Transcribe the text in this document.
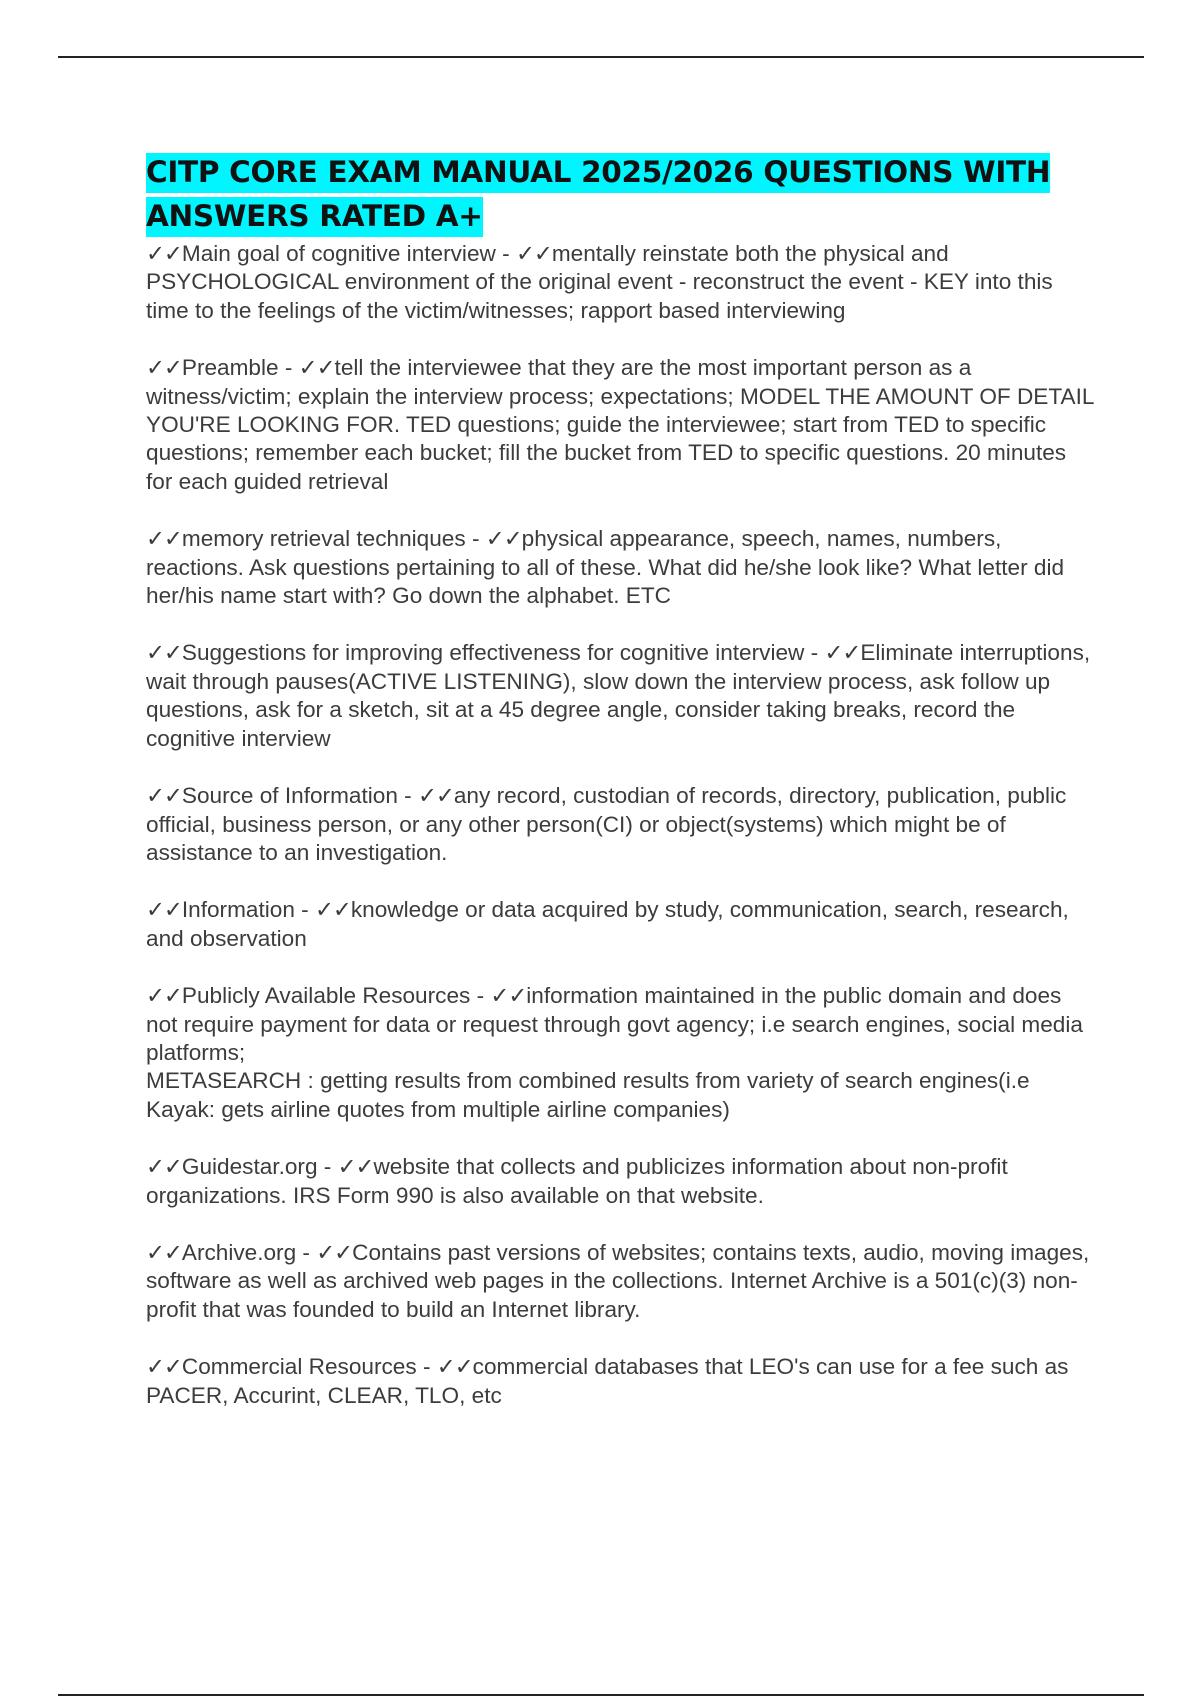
CITP CORE EXAM MANUAL 2025/2026 QUESTIONS WITH ANSWERS RATED A+

✓✓Main goal of cognitive interview - ✓✓mentally reinstate both the physical and PSYCHOLOGICAL environment of the original event - reconstruct the event - KEY into this time to the feelings of the victim/witnesses; rapport based interviewing

✓✓Preamble - ✓✓tell the interviewee that they are the most important person as a witness/victim; explain the interview process; expectations; MODEL THE AMOUNT OF DETAIL YOU'RE LOOKING FOR. TED questions; guide the interviewee; start from TED to specific questions; remember each bucket; fill the bucket from TED to specific questions. 20 minutes for each guided retrieval

✓✓memory retrieval techniques - ✓✓physical appearance, speech, names, numbers, reactions. Ask questions pertaining to all of these. What did he/she look like? What letter did her/his name start with? Go down the alphabet. ETC

✓✓Suggestions for improving effectiveness for cognitive interview - ✓✓Eliminate interruptions, wait through pauses(ACTIVE LISTENING), slow down the interview process, ask follow up questions, ask for a sketch, sit at a 45 degree angle, consider taking breaks, record the cognitive interview

✓✓Source of Information - ✓✓any record, custodian of records, directory, publication, public official, business person, or any other person(CI) or object(systems) which might be of assistance to an investigation.

✓✓Information - ✓✓knowledge or data acquired by study, communication, search, research, and observation

✓✓Publicly Available Resources - ✓✓information maintained in the public domain and does not require payment for data or request through govt agency; i.e search engines, social media platforms;
METASEARCH : getting results from combined results from variety of search engines(i.e Kayak: gets airline quotes from multiple airline companies)

✓✓Guidestar.org - ✓✓website that collects and publicizes information about non-profit organizations. IRS Form 990 is also available on that website.

✓✓Archive.org - ✓✓Contains past versions of websites; contains texts, audio, moving images, software as well as archived web pages in the collections. Internet Archive is a 501(c)(3) non-profit that was founded to build an Internet library.

✓✓Commercial Resources - ✓✓commercial databases that LEO's can use for a fee such as PACER, Accurint, CLEAR, TLO, etc
